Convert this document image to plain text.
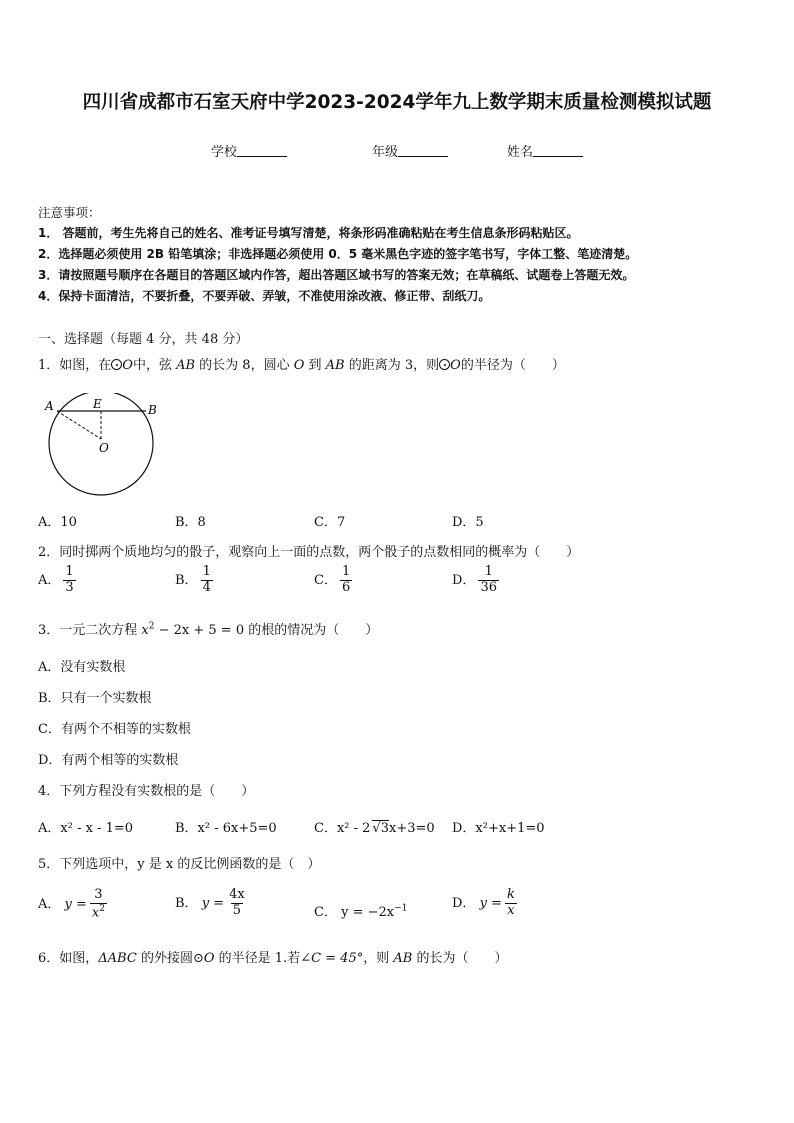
四川省成都市石室天府中学2023-2024学年九上数学期末质量检测模拟试题
学校	年级	姓名
注意事项：
1． 答题前，考生先将自己的姓名、准考证号填写清楚，将条形码准确粘贴在考生信息条形码粘贴区。
2．选择题必须使用 2B 铅笔填涂；非选择题必须使用 0．5 毫米黑色字迹的签字笔书写，字体工整、笔迹清楚。
3．请按照题号顺序在各题目的答题区域内作答，超出答题区域书写的答案无效；在草稿纸、试题卷上答题无效。
4．保持卡面清洁，不要折叠，不要弄破、弄皱，不准使用涂改液、修正带、刮纸刀。
一、选择题（每题 4 分，共 48 分）
1．如图，在 O中，弦 AB 的长为 8，圆心 O 到 AB 的距离为 3，则 O的半径为（　　）
A	B
E
O
A．10	B．8	C．7	D．5
2．同时掷两个质地均匀的骰子，观察向上一面的点数，两个骰子的点数相同的概率为（　　）
A． $\frac{1}{3}$	B． $\frac{1}{4}$	C． $\frac{1}{6}$	D． $\frac{1}{36}$
3．一元二次方程 $x^2 - 2x + 5 = 0$ 的根的情况为（　　）
A．没有实数根
B．只有一个实数根
C．有两个不相等的实数根
D．有两个相等的实数根
4．下列方程没有实数根的是（　　）
A．x² - x - 1=0	B．x² - 6x+5=0	C．x² - 2 √3x+3=0 D．x²+x+1=0
5．下列选项中，y 是 x 的反比例函数的是（　）
A． $y = \frac{3}{x^2}$	B． $y = \frac{4x}{5}$	C． $y = -2x^{-1}$	D． $y = \frac{k}{x}$
6．如图，ΔABC 的外接圆⊙O 的半径是 1.若∠C = 45°，则 AB 的长为（　　）
